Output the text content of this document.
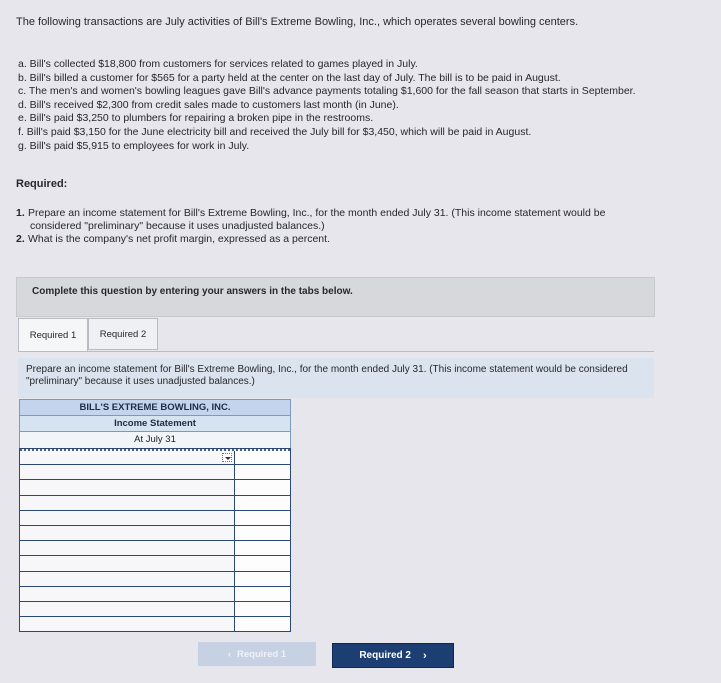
The following transactions are July activities of Bill's Extreme Bowling, Inc., which operates several bowling centers.
a. Bill's collected $18,800 from customers for services related to games played in July.
b. Bill's billed a customer for $565 for a party held at the center on the last day of July. The bill is to be paid in August.
c. The men's and women's bowling leagues gave Bill's advance payments totaling $1,600 for the fall season that starts in September.
d. Bill's received $2,300 from credit sales made to customers last month (in June).
e. Bill's paid $3,250 to plumbers for repairing a broken pipe in the restrooms.
f. Bill's paid $3,150 for the June electricity bill and received the July bill for $3,450, which will be paid in August.
g. Bill's paid $5,915 to employees for work in July.
Required:
1. Prepare an income statement for Bill's Extreme Bowling, Inc., for the month ended July 31. (This income statement would be
considered "preliminary" because it uses unadjusted balances.)
2. What is the company's net profit margin, expressed as a percent.
Complete this question by entering your answers in the tabs below.
Required 1 Required 2
Prepare an income statement for Bill's Extreme Bowling, Inc., for the month ended July 31. (This income statement would be considered "preliminary" because it uses unadjusted balances.)
BILL'S EXTREME BOWLING, INC.
Income Statement
At July 31
‹ Required 1	Required 2 ›
